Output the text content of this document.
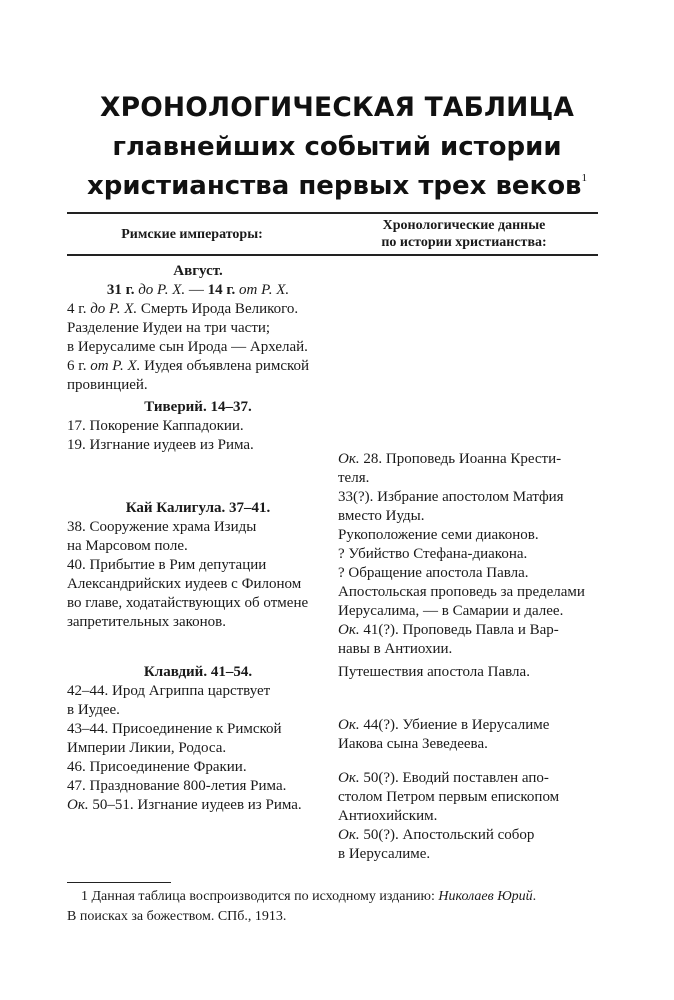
ХРОНОЛОГИЧЕСКАЯ ТАБЛИЦА
главнейших событий истории
христианства первых трех веков$^1$
Римские императоры:
Хронологические данные
по истории христианства:
Август.
31 г. до Р. Х. — 14 г. от Р. Х.
4 г. до Р. Х. Смерть Ирода Великого.
Разделение Иудеи на три части;
в Иерусалиме сын Ирода — Архелай.
6 г. от Р. Х. Иудея объявлена римской
провинцией.
Тиверий. 14–37.
17. Покорение Каппадокии.
19. Изгнание иудеев из Рима.
Кай Калигула. 37–41.
38. Сооружение храма Изиды
на Марсовом поле.
40. Прибытие в Рим депутации
Александрийских иудеев с Филоном
во главе, ходатайствующих об отмене
запретительных законов.
Клавдий. 41–54.
42–44. Ирод Агриппа царствует
в Иудее.
43–44. Присоединение к Римской
Империи Ликии, Родоса.
46. Присоединение Фракии.
47. Празднование 800-летия Рима.
Ок. 50–51. Изгнание иудеев из Рима.
Ок. 28. Проповедь Иоанна Крести-
теля.
33(?). Избрание апостолом Матфия
вместо Иуды.
Рукоположение семи диаконов.
? Убийство Стефана-диакона.
? Обращение апостола Павла.
Апостольская проповедь за пределами
Иерусалима, — в Самарии и далее.
Ок. 41(?). Проповедь Павла и Вар-
навы в Антиохии.
Путешествия апостола Павла.
Ок. 44(?). Убиение в Иерусалиме
Иакова сына Зеведеева.
Ок. 50(?). Еводий поставлен апо-
столом Петром первым епископом
Антиохийским.
Ок. 50(?). Апостольский собор
в Иерусалиме.
1 Данная таблица воспроизводится по исходному изданию: Николаев Юрий.
В поисках за божеством. СПб., 1913.
